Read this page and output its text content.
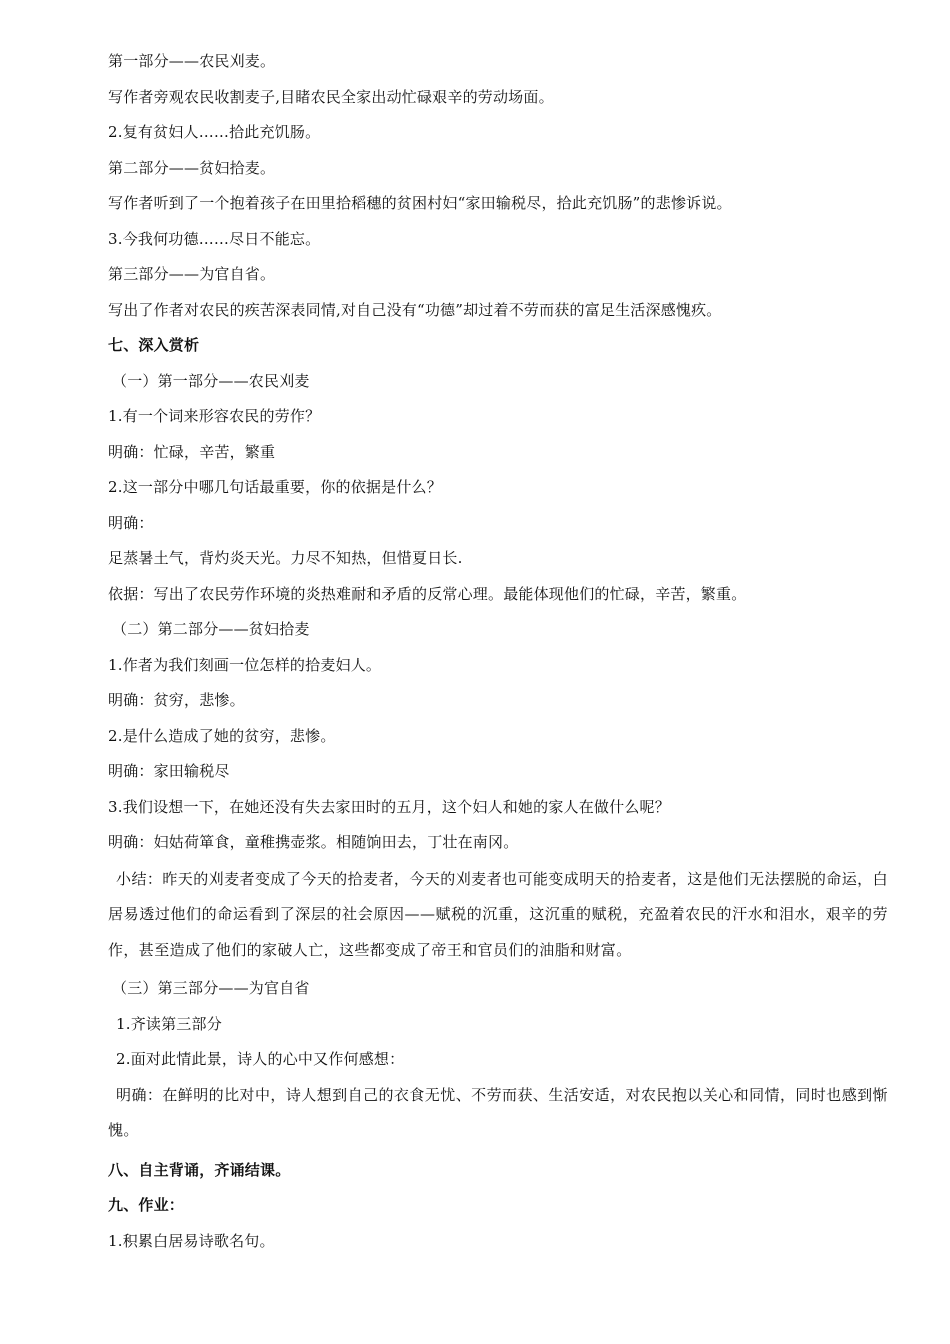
第一部分——农民刈麦。
写作者旁观农民收割麦子,目睹农民全家出动忙碌艰辛的劳动场面。
2.复有贫妇人……拾此充饥肠。
第二部分——贫妇拾麦。
写作者听到了一个抱着孩子在田里拾稻穗的贫困村妇“家田输税尽，拾此充饥肠”的悲惨诉说。
3.今我何功德……尽日不能忘。
第三部分——为官自省。
写出了作者对农民的疾苦深表同情,对自己没有“功德”却过着不劳而获的富足生活深感愧疚。
七、深入赏析
（一）第一部分——农民刈麦
1.有一个词来形容农民的劳作？
明确：忙碌，辛苦，繁重
2.这一部分中哪几句话最重要，你的依据是什么？
明确：
足蒸暑土气，背灼炎天光。力尽不知热，但惜夏日长.
依据：写出了农民劳作环境的炎热难耐和矛盾的反常心理。最能体现他们的忙碌，辛苦，繁重。
（二）第二部分——贫妇拾麦
1.作者为我们刻画一位怎样的拾麦妇人。
明确：贫穷，悲惨。
2.是什么造成了她的贫穷，悲惨。
明确：家田输税尽
3.我们设想一下，在她还没有失去家田时的五月，这个妇人和她的家人在做什么呢？
明确：妇姑荷箪食，童稚携壶浆。相随饷田去，丁壮在南冈。
小结：昨天的刈麦者变成了今天的拾麦者，今天的刈麦者也可能变成明天的拾麦者，这是他们无法摆脱的命运，白居易透过他们的命运看到了深层的社会原因——赋税的沉重，这沉重的赋税，充盈着农民的汗水和泪水，艰辛的劳作，甚至造成了他们的家破人亡，这些都变成了帝王和官员们的油脂和财富。
（三）第三部分——为官自省
1.齐读第三部分
2.面对此情此景，诗人的心中又作何感想：
明确：在鲜明的比对中，诗人想到自己的衣食无忧、不劳而获、生活安适，对农民抱以关心和同情，同时也感到惭愧。
八、自主背诵，齐诵结课。
九、作业：
1.积累白居易诗歌名句。
